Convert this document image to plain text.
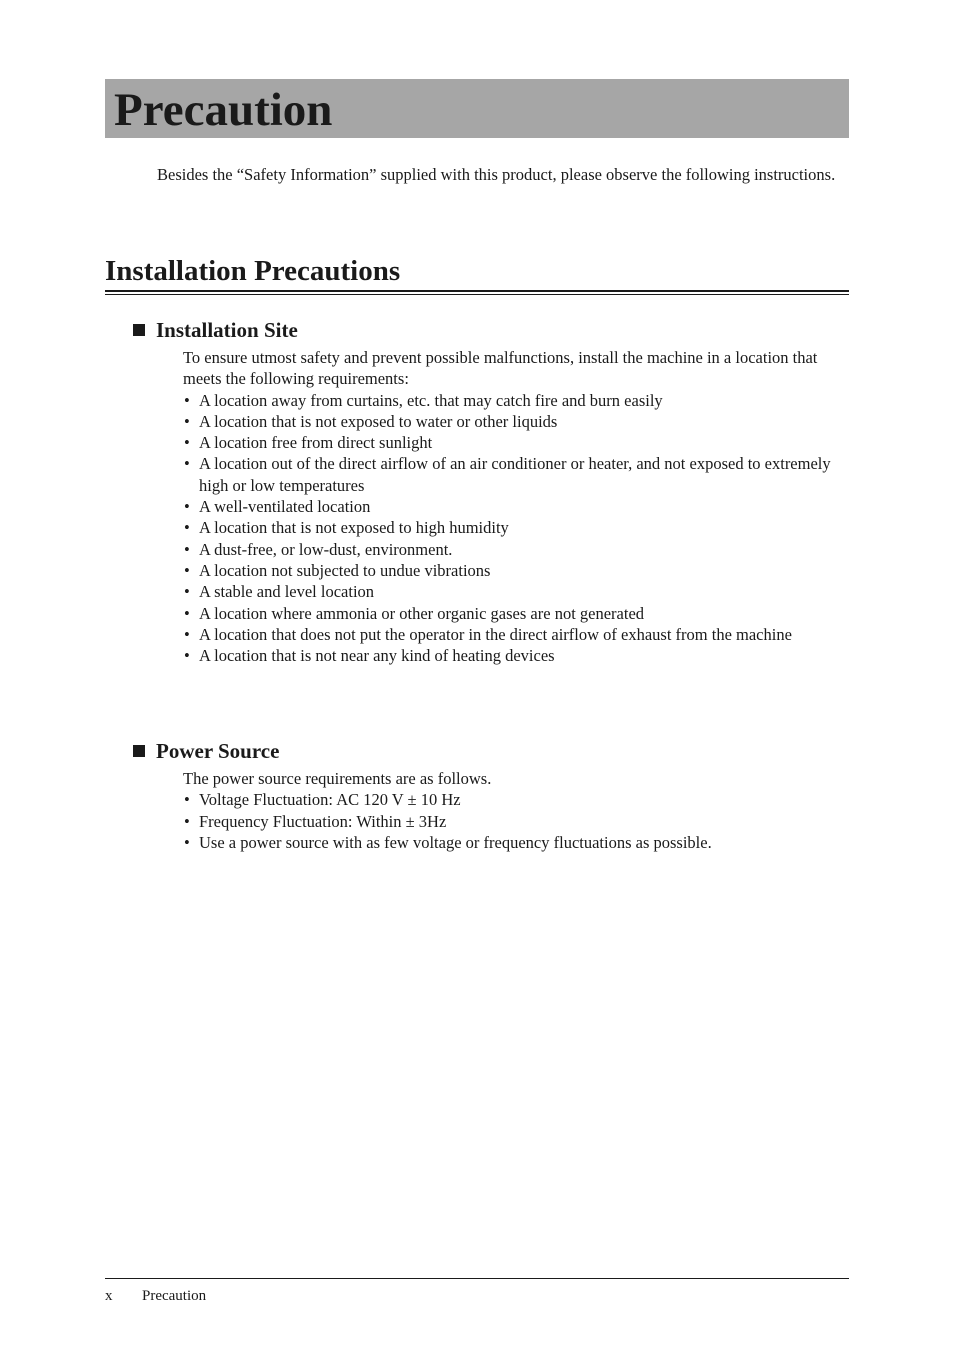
Precaution

Besides the “Safety Information” supplied with this product, please observe the following instructions.

Installation Precautions
Installation Site

To ensure utmost safety and prevent possible malfunctions, install the machine in a location that meets the following requirements:

• A location away from curtains, etc. that may catch fire and burn easily
• A location that is not exposed to water or other liquids
• A location free from direct sunlight
• A location out of the direct airflow of an air conditioner or heater, and not exposed to extremely high or low temperatures
• A well-ventilated location
• A location that is not exposed to high humidity
• A dust-free, or low-dust, environment.
• A location not subjected to undue vibrations
• A stable and level location
• A location where ammonia or other organic gases are not generated
• A location that does not put the operator in the direct airflow of exhaust from the machine
• A location that is not near any kind of heating devices
Power Source

The power source requirements are as follows.

• Voltage Fluctuation: AC 120 V ± 10 Hz
• Frequency Fluctuation: Within ± 3Hz
• Use a power source with as few voltage or frequency fluctuations as possible.
x Precaution
